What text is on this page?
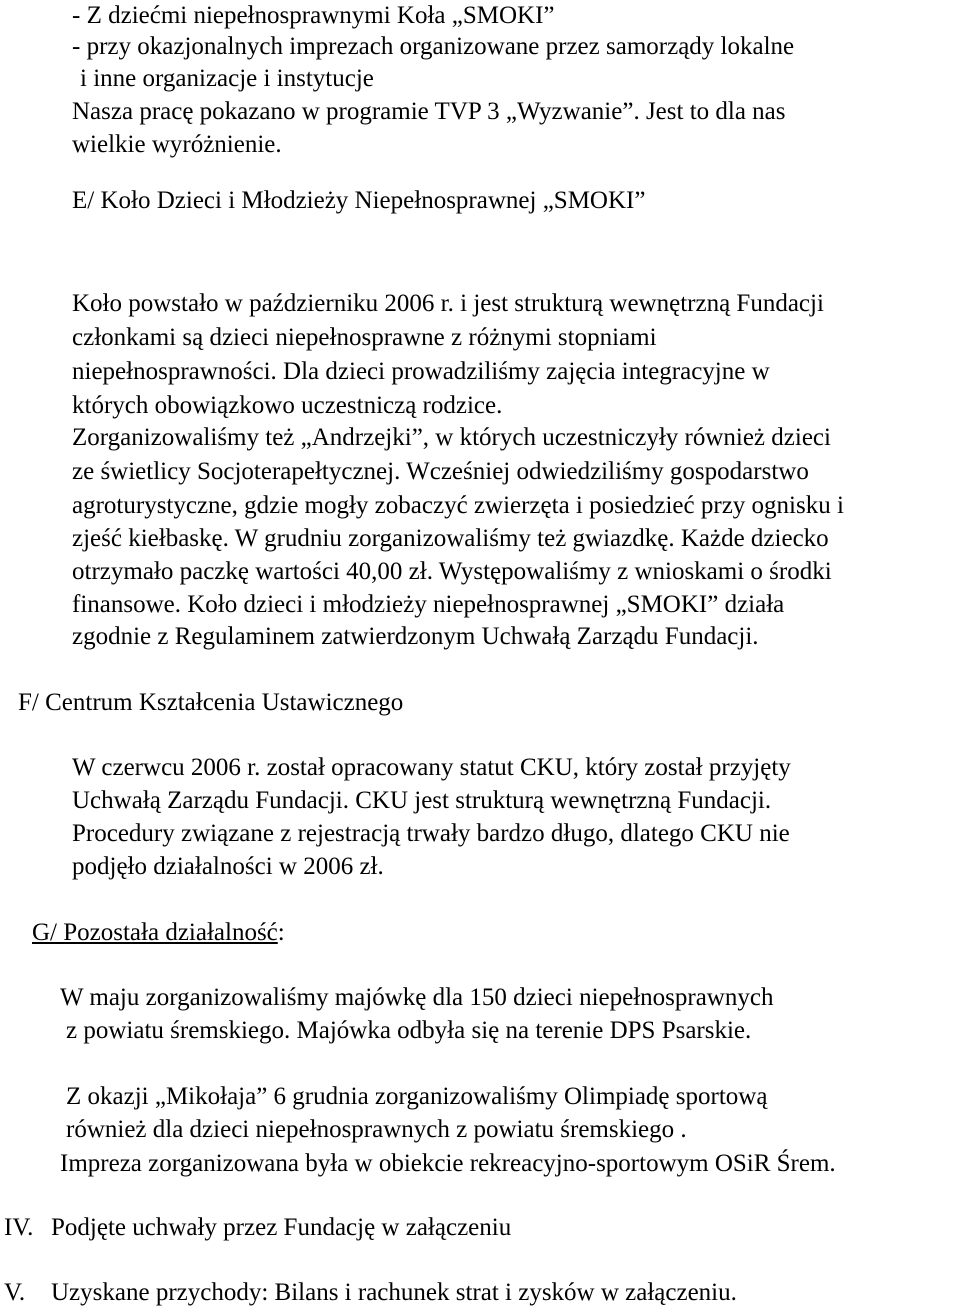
- Z dziećmi niepełnosprawnymi Koła „SMOKI”
- przy okazjonalnych imprezach organizowane przez samorządy lokalne
i inne organizacje i instytucje
Nasza pracę pokazano w programie TVP 3 „Wyzwanie”. Jest to dla nas
wielkie wyróżnienie.
E/ Koło Dzieci i Młodzieży Niepełnosprawnej „SMOKI”
Koło powstało w październiku 2006 r. i jest strukturą wewnętrzną Fundacji
członkami są dzieci niepełnosprawne z różnymi stopniami
niepełnosprawności. Dla dzieci prowadziliśmy zajęcia integracyjne w
których obowiązkowo uczestniczą rodzice.
Zorganizowaliśmy też „Andrzejki”, w których uczestniczyły również dzieci
ze świetlicy Socjoterapełtycznej. Wcześniej odwiedziliśmy gospodarstwo
agroturystyczne, gdzie mogły zobaczyć zwierzęta i posiedzieć przy ognisku i
zjeść kiełbaskę. W grudniu zorganizowaliśmy też gwiazdkę. Każde dziecko
otrzymało paczkę wartości 40,00 zł. Występowaliśmy z wnioskami o środki
finansowe. Koło dzieci i młodzieży niepełnosprawnej „SMOKI” działa
zgodnie z Regulaminem zatwierdzonym Uchwałą Zarządu Fundacji.
F/ Centrum Kształcenia Ustawicznego
W czerwcu 2006 r. został opracowany statut CKU, który został przyjęty
Uchwałą Zarządu Fundacji. CKU jest strukturą wewnętrzną Fundacji.
Procedury związane z rejestracją trwały bardzo długo, dlatego CKU nie
podjęło działalności w 2006 zł.
G/ Pozostała działalność:
W maju zorganizowaliśmy majówkę dla 150 dzieci niepełnosprawnych
z powiatu śremskiego. Majówka odbyła się na terenie DPS Psarskie.
Z okazji „Mikołaja” 6 grudnia zorganizowaliśmy Olimpiadę sportową
również dla dzieci niepełnosprawnych z powiatu śremskiego .
Impreza zorganizowana była w obiekcie rekreacyjno-sportowym OSiR Śrem.
IV. Podjęte uchwały przez Fundację w załączeniu
V. Uzyskane przychody: Bilans i rachunek strat i zysków w załączeniu.
